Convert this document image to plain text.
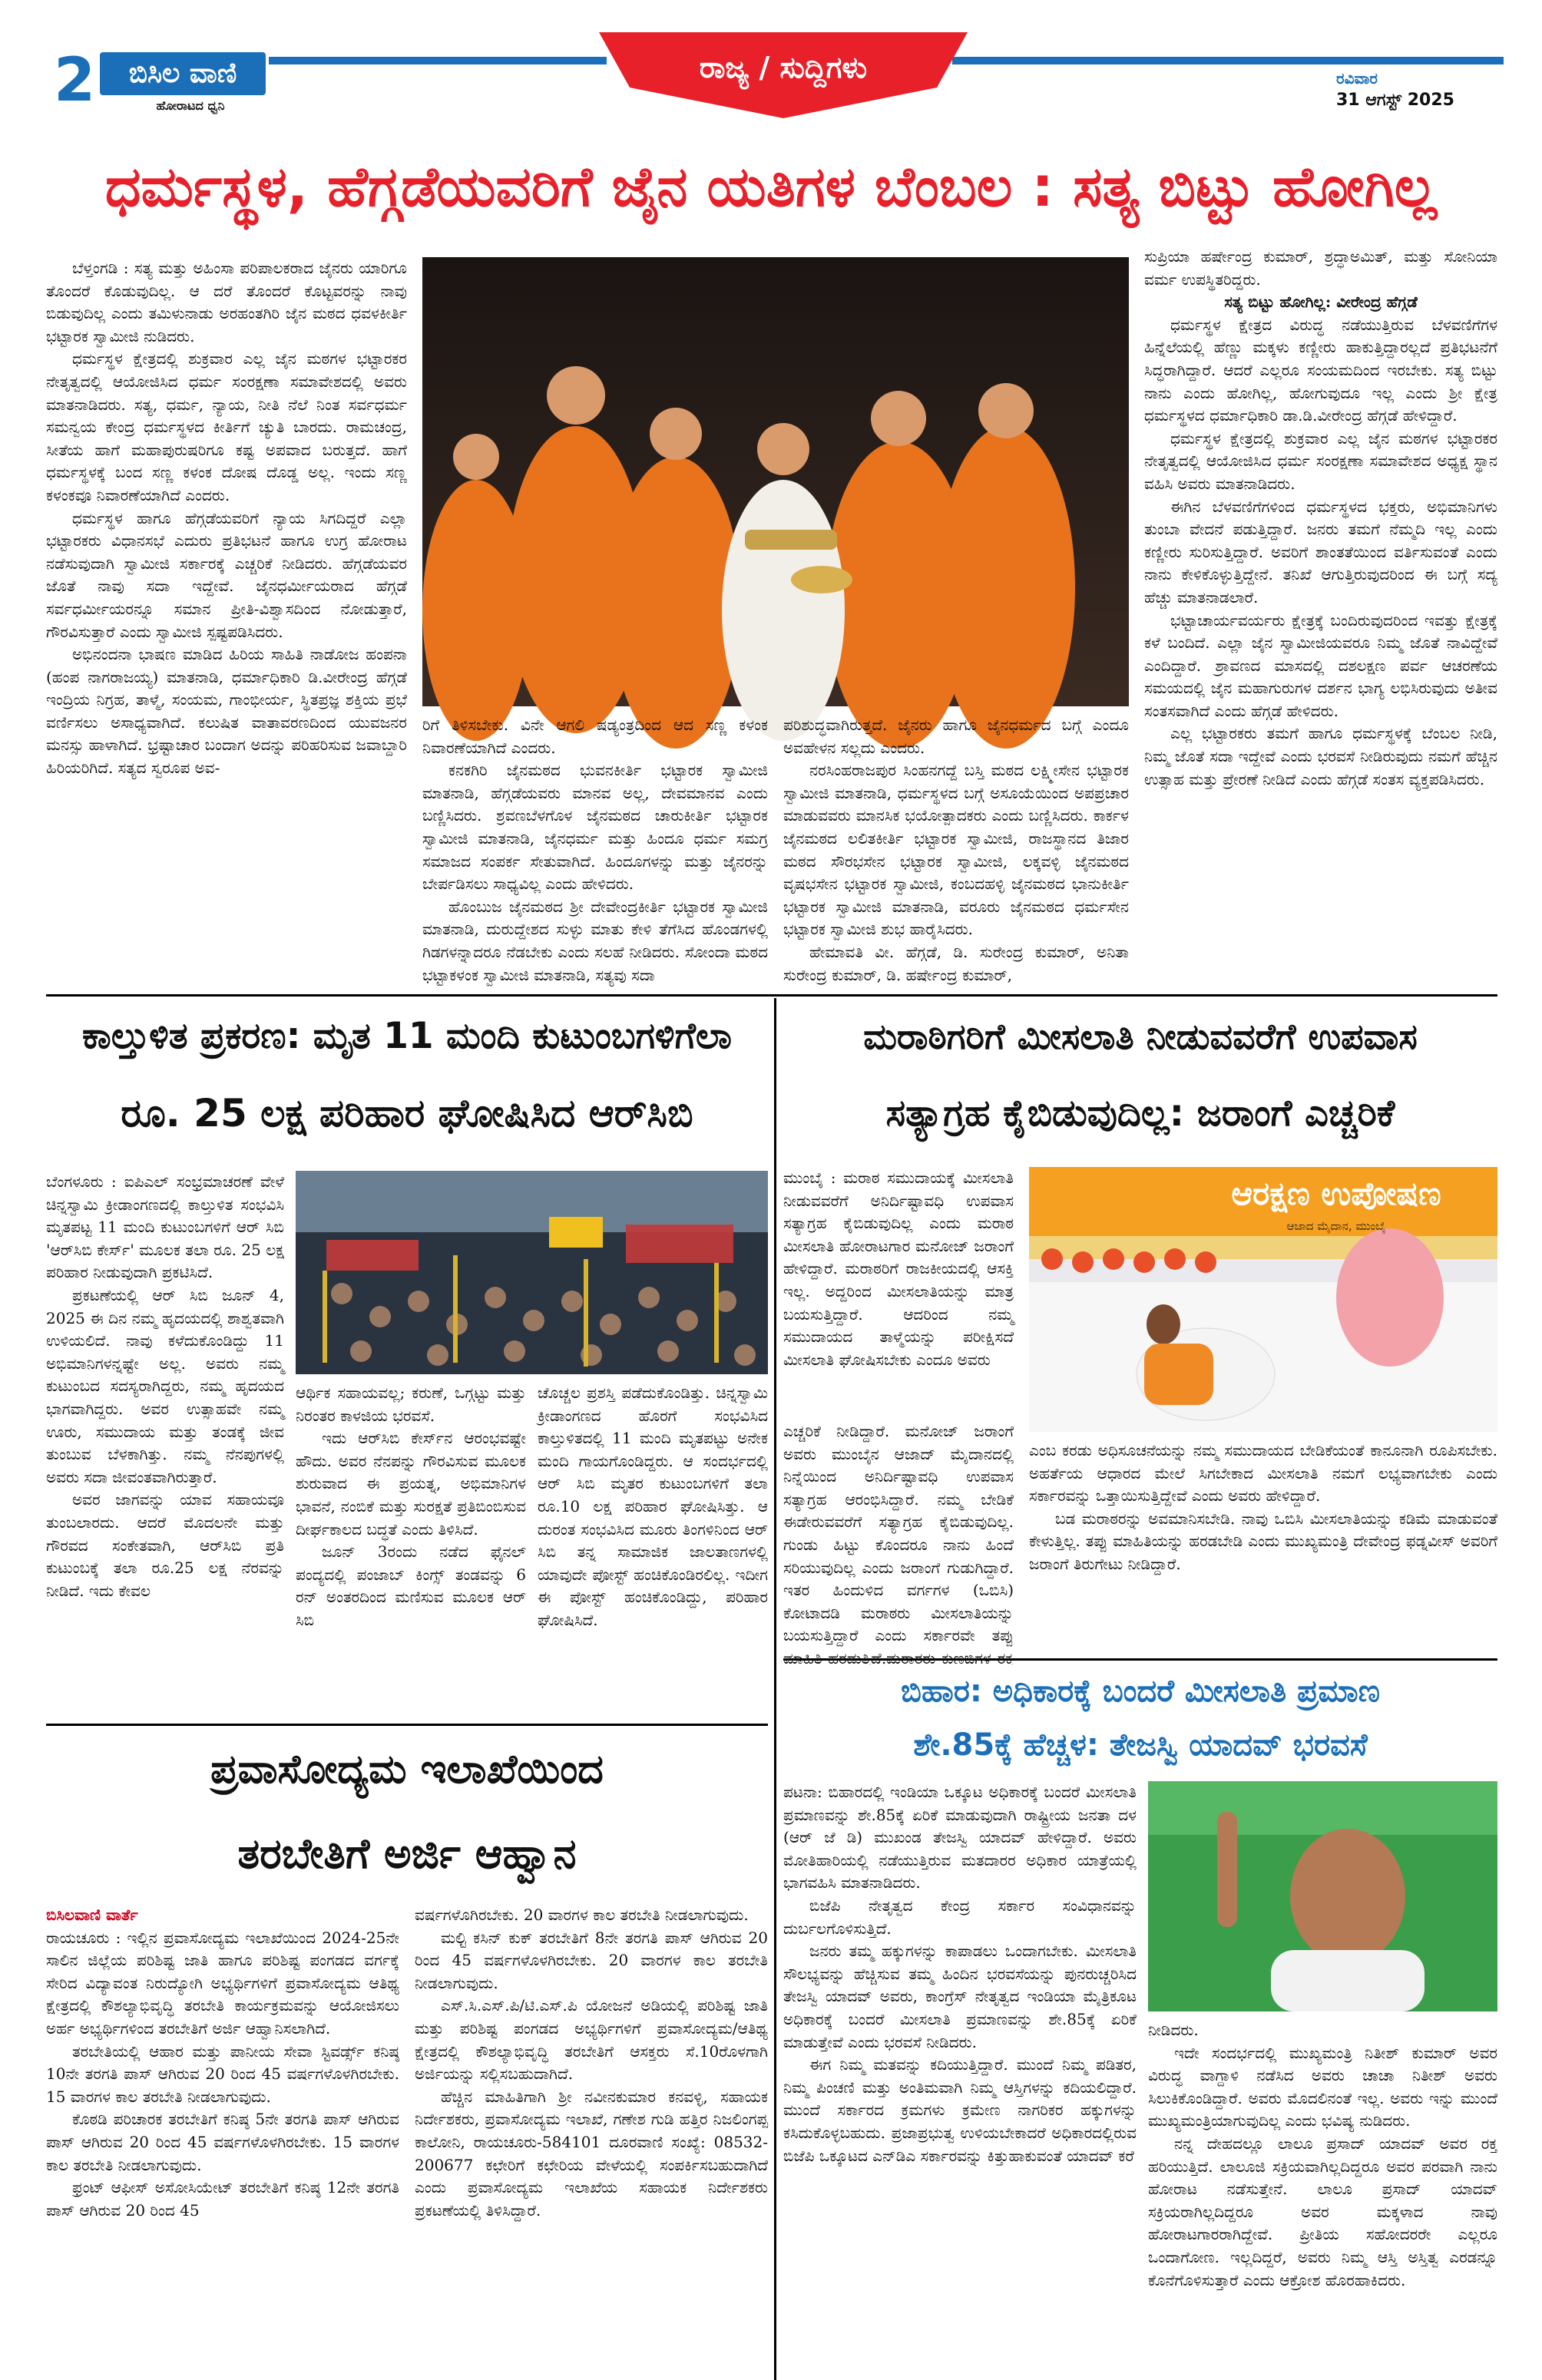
2	ಬಿಸಿಲ ವಾಣಿ
ಹೋರಾಟದ ಧ್ವನಿ
ರಾಜ್ಯ / ಸುದ್ದಿಗಳು	ರವಿವಾರ
31 ಆಗಸ್ಟ್ 2025
ಧರ್ಮಸ್ಥಳ, ಹೆಗ್ಗಡೆಯವರಿಗೆ ಜೈನ ಯತಿಗಳ ಬೆಂಬಲ : ಸತ್ಯ ಬಿಟ್ಟು ಹೋಗಿಲ್ಲ

ಬೆಳ್ತಂಗಡಿ : ಸತ್ಯ ಮತ್ತು ಅಹಿಂಸಾ ಪರಿಪಾಲಕರಾದ ಜೈನರು ಯಾರಿಗೂ ತೊಂದರೆ ಕೊಡುವುದಿಲ್ಲ. ಆ ದರೆ ತೊಂದರೆ ಕೊಟ್ಟವರನ್ನು ನಾವು ಬಿಡುವುದಿಲ್ಲ ಎಂದು ತಮಿಳುನಾಡು ಅರಹಂತಗಿರಿ ಜೈನ ಮಠದ ಧವಳಕೀರ್ತಿ ಭಟ್ಟಾರಕ ಸ್ವಾಮೀಜಿ ನುಡಿದರು.

ಧರ್ಮಸ್ಥಳ ಕ್ಷೇತ್ರದಲ್ಲಿ ಶುಕ್ರವಾರ ಎಲ್ಲ ಜೈನ ಮಠಗಳ ಭಟ್ಟಾರಕರ ನೇತೃತ್ವದಲ್ಲಿ ಆಯೋಜಿಸಿದ ಧರ್ಮ ಸಂರಕ್ಷಣಾ ಸಮಾವೇಶದಲ್ಲಿ ಅವರು ಮಾತನಾಡಿದರು. ಸತ್ಯ, ಧರ್ಮ, ನ್ಯಾಯ, ನೀತಿ ನೆಲೆ ನಿಂತ ಸರ್ವಧರ್ಮ ಸಮನ್ವಯ ಕೇಂದ್ರ ಧರ್ಮಸ್ಥಳದ ಕೀರ್ತಿಗೆ ಚ್ಯುತಿ ಬಾರದು. ರಾಮಚಂದ್ರ, ಸೀತೆಯ ಹಾಗೆ ಮಹಾಪುರುಷರಿಗೂ ಕಷ್ಟ ಅಪವಾದ ಬರುತ್ತದೆ. ಹಾಗೆ ಧರ್ಮಸ್ಥಳಕ್ಕೆ ಬಂದ ಸಣ್ಣ ಕಳಂಕ ದೋಷ ದೊಡ್ಡ ಅಲ್ಲ. ಇಂದು ಸಣ್ಣ ಕಳಂಕವೂ ನಿವಾರಣೆಯಾಗಿದೆ ಎಂದರು.

ಧರ್ಮಸ್ಥಳ ಹಾಗೂ ಹೆಗ್ಗಡೆಯವರಿಗೆ ನ್ಯಾಯ ಸಿಗದಿದ್ದರೆ ಎಲ್ಲಾ ಭಟ್ಟಾರಕರು ವಿಧಾನಸಭೆ ಎದುರು ಪ್ರತಿಭಟನೆ ಹಾಗೂ ಉಗ್ರ ಹೋರಾಟ ನಡೆಸುವುದಾಗಿ ಸ್ವಾಮೀಜಿ ಸರ್ಕಾರಕ್ಕೆ ಎಚ್ಚರಿಕೆ ನೀಡಿದರು. ಹೆಗ್ಗಡೆಯವರ ಜೊತೆ ನಾವು ಸದಾ ಇದ್ದೇವೆ. ಜೈನಧರ್ಮೀಯರಾದ ಹೆಗ್ಗಡೆ ಸರ್ವಧರ್ಮೀಯರನ್ನೂ ಸಮಾನ ಪ್ರೀತಿ-ವಿಶ್ವಾಸದಿಂದ ನೋಡುತ್ತಾರೆ, ಗೌರವಿಸುತ್ತಾರೆ ಎಂದು ಸ್ವಾಮೀಜಿ ಸ್ಪಷ್ಟಪಡಿಸಿದರು.

ಅಭಿನಂದನಾ ಭಾಷಣ ಮಾಡಿದ ಹಿರಿಯ ಸಾಹಿತಿ ನಾಡೋಜ ಹಂಪನಾ (ಹಂಪ ನಾಗರಾಜಯ್ಯ) ಮಾತನಾಡಿ, ಧರ್ಮಾಧಿಕಾರಿ ಡಿ.ವೀರೇಂದ್ರ ಹೆಗ್ಗಡೆ ಇಂದ್ರಿಯ ನಿಗ್ರಹ, ತಾಳ್ಮೆ, ಸಂಯಮ, ಗಾಂಭೀರ್ಯ, ಸ್ಥಿತಪ್ರಜ್ಞ ಶಕ್ತಿಯ ಪ್ರಭೆ ವರ್ಣಿಸಲು ಅಸಾಧ್ಯವಾಗಿದೆ. ಕಲುಷಿತ ವಾತಾವರಣದಿಂದ ಯುವಜನರ ಮನಸ್ಸು ಹಾಳಾಗಿದೆ. ಭ್ರಷ್ಟಾಚಾರ ಬಂದಾಗ ಅದನ್ನು ಪರಿಹರಿಸುವ ಜವಾಬ್ದಾರಿ ಹಿರಿಯರಿಗಿದೆ. ಸತ್ಯದ ಸ್ವರೂಪ ಅವ-

ರಿಗೆ ತಿಳಿಸಬೇಕು. ವಿನೇ ಆಗಲಿ ಷಡ್ಯಂತ್ರದಿಂದ ಆದ ಸಣ್ಣ ಕಳಂಕ ನಿವಾರಣೆಯಾಗಿದೆ ಎಂದರು.

ಕನಕಗಿರಿ ಜೈನಮಠದ ಭುವನಕೀರ್ತಿ ಭಟ್ಟಾರಕ ಸ್ವಾಮೀಜಿ ಮಾತನಾಡಿ, ಹೆಗ್ಗಡೆಯವರು ಮಾನವ ಅಲ್ಲ, ದೇವಮಾನವ ಎಂದು ಬಣ್ಣಿಸಿದರು. ಶ್ರವಣಬೆಳಗೊಳ ಜೈನಮಠದ ಚಾರುಕೀರ್ತಿ ಭಟ್ಟಾರಕ ಸ್ವಾಮೀಜಿ ಮಾತನಾಡಿ, ಜೈನಧರ್ಮ ಮತ್ತು ಹಿಂದೂ ಧರ್ಮ ಸಮಗ್ರ ಸಮಾಜದ ಸಂಪರ್ಕ ಸೇತುವಾಗಿದೆ. ಹಿಂದೂಗಳನ್ನು ಮತ್ತು ಜೈನರನ್ನು ಬೇರ್ಪಡಿಸಲು ಸಾಧ್ಯವಿಲ್ಲ ಎಂದು ಹೇಳಿದರು.

ಹೊಂಬುಜ ಜೈನಮಠದ ಶ್ರೀ ದೇವೇಂದ್ರಕೀರ್ತಿ ಭಟ್ಟಾರಕ ಸ್ವಾಮೀಜಿ ಮಾತನಾಡಿ, ದುರುದ್ದೇಶದ ಸುಳ್ಳು ಮಾತು ಕೇಳಿ ತೆಗೆಸಿದ ಹೊಂಡಗಳಲ್ಲಿ ಗಿಡಗಳನ್ನಾದರೂ ನೆಡಬೇಕು ಎಂದು ಸಲಹೆ ನೀಡಿದರು. ಸೋಂದಾ ಮಠದ ಭಟ್ಟಾಕಳಂಕ ಸ್ವಾಮೀಜಿ ಮಾತನಾಡಿ, ಸತ್ಯವು ಸದಾ

ಪರಿಶುದ್ಧವಾಗಿರುತ್ತದೆ. ಜೈನರು ಹಾಗೂ ಜೈನಧರ್ಮದ ಬಗ್ಗೆ ಎಂದೂ ಅವಹೇಳನ ಸಲ್ಲದು ಎಂದರು.

ನರಸಿಂಹರಾಜಪುರ ಸಿಂಹನಗದ್ದೆ ಬಸ್ತಿ ಮಠದ ಲಕ್ಷ್ಮೀಸೇನ ಭಟ್ಟಾರಕ ಸ್ವಾಮೀಜಿ ಮಾತನಾಡಿ, ಧರ್ಮಸ್ಥಳದ ಬಗ್ಗೆ ಅಸೂಯೆಯಿಂದ ಅಪಪ್ರಚಾರ ಮಾಡುವವರು ಮಾನಸಿಕ ಭಯೋತ್ಪಾದಕರು ಎಂದು ಬಣ್ಣಿಸಿದರು. ಕಾರ್ಕಳ ಜೈನಮಠದ ಲಲಿತಕೀರ್ತಿ ಭಟ್ಟಾರಕ ಸ್ವಾಮೀಜಿ, ರಾಜಸ್ಥಾನದ ತಿಜಾರ ಮಠದ ಸೌರಭಸೇನ ಭಟ್ಟಾರಕ ಸ್ವಾಮೀಜಿ, ಲಕ್ಕವಳ್ಳಿ ಜೈನಮಠದ ವೃಷಭಸೇನ ಭಟ್ಟಾರಕ ಸ್ವಾಮೀಜಿ, ಕಂಬದಹಳ್ಳಿ ಜೈನಮಠದ ಭಾನುಕೀರ್ತಿ ಭಟ್ಟಾರಕ ಸ್ವಾಮೀಜಿ ಮಾತನಾಡಿ, ವರೂರು ಜೈನಮಠದ ಧರ್ಮಸೇನ ಭಟ್ಟಾರಕ ಸ್ವಾಮೀಜಿ ಶುಭ ಹಾರೈಸಿದರು.

ಹೇಮಾವತಿ ವೀ. ಹೆಗ್ಗಡೆ, ಡಿ. ಸುರೇಂದ್ರ ಕುಮಾರ್, ಅನಿತಾ ಸುರೇಂದ್ರ ಕುಮಾರ್, ಡಿ. ಹರ್ಷೇಂದ್ರ ಕುಮಾರ್,

ಸುಪ್ರಿಯಾ ಹರ್ಷೇಂದ್ರ ಕುಮಾರ್, ಶ್ರದ್ಧಾಅಮಿತ್, ಮತ್ತು ಸೋನಿಯಾ ವರ್ಮ ಉಪಸ್ಥಿತರಿದ್ದರು.

ಸತ್ಯ ಬಿಟ್ಟು ಹೋಗಿಲ್ಲ: ವೀರೇಂದ್ರ ಹೆಗ್ಗಡೆ

ಧರ್ಮಸ್ಥಳ ಕ್ಷೇತ್ರದ ವಿರುದ್ಧ ನಡೆಯುತ್ತಿರುವ ಬೆಳವಣಿಗೆಗಳ ಹಿನ್ನೆಲೆಯಲ್ಲಿ ಹೆಣ್ಣು ಮಕ್ಕಳು ಕಣ್ಣೀರು ಹಾಕುತ್ತಿದ್ದಾರಲ್ಲದೆ ಪ್ರತಿಭಟನೆಗೆ ಸಿದ್ಧರಾಗಿದ್ದಾರೆ. ಆದರೆ ಎಲ್ಲರೂ ಸಂಯಮದಿಂದ ಇರಬೇಕು. ಸತ್ಯ ಬಿಟ್ಟು ನಾನು ಎಂದು ಹೋಗಿಲ್ಲ, ಹೋಗುವುದೂ ಇಲ್ಲ ಎಂದು ಶ್ರೀ ಕ್ಷೇತ್ರ ಧರ್ಮಸ್ಥಳದ ಧರ್ಮಾಧಿಕಾರಿ ಡಾ.ಡಿ.ವೀರೇಂದ್ರ ಹೆಗ್ಗಡೆ ಹೇಳಿದ್ದಾರೆ.

ಧರ್ಮಸ್ಥಳ ಕ್ಷೇತ್ರದಲ್ಲಿ ಶುಕ್ರವಾರ ಎಲ್ಲ ಜೈನ ಮಠಗಳ ಭಟ್ಟಾರಕರ ನೇತೃತ್ವದಲ್ಲಿ ಆಯೋಜಿಸಿದ ಧರ್ಮ ಸಂರಕ್ಷಣಾ ಸಮಾವೇಶದ ಅಧ್ಯಕ್ಷ ಸ್ಥಾನ ವಹಿಸಿ ಅವರು ಮಾತನಾಡಿದರು.

ಈಗಿನ ಬೆಳವಣಿಗೆಗಳಿಂದ ಧರ್ಮಸ್ಥಳದ ಭಕ್ತರು, ಅಭಿಮಾನಿಗಳು ತುಂಬಾ ವೇದನೆ ಪಡುತ್ತಿದ್ದಾರೆ. ಜನರು ತಮಗೆ ನೆಮ್ಮದಿ ಇಲ್ಲ ಎಂದು ಕಣ್ಣೀರು ಸುರಿಸುತ್ತಿದ್ದಾರೆ. ಅವರಿಗೆ ಶಾಂತತೆಯಿಂದ ವರ್ತಿಸುವಂತೆ ಎಂದು ನಾನು ಕೇಳಿಕೊಳ್ಳುತ್ತಿದ್ದೇನೆ. ತನಿಖೆ ಆಗುತ್ತಿರುವುದರಿಂದ ಈ ಬಗ್ಗೆ ಸದ್ಯ ಹೆಚ್ಚು ಮಾತನಾಡಲಾರೆ.

ಭಟ್ಟಾಚಾರ್ಯವರ್ಯರು ಕ್ಷೇತ್ರಕ್ಕೆ ಬಂದಿರುವುದರಿಂದ ಇವತ್ತು ಕ್ಷೇತ್ರಕ್ಕೆ ಕಳೆ ಬಂದಿದೆ. ಎಲ್ಲಾ ಜೈನ ಸ್ವಾಮೀಜಿಯವರೂ ನಿಮ್ಮ ಜೊತೆ ನಾವಿದ್ದೇವೆ ಎಂದಿದ್ದಾರೆ. ಶ್ರಾವಣದ ಮಾಸದಲ್ಲಿ ದಶಲಕ್ಷಣ ಪರ್ವ ಆಚರಣೆಯ ಸಮಯದಲ್ಲಿ ಜೈನ ಮಹಾಗುರುಗಳ ದರ್ಶನ ಭಾಗ್ಯ ಲಭಿಸಿರುವುದು ಅತೀವ ಸಂತಸವಾಗಿದೆ ಎಂದು ಹೆಗ್ಗಡೆ ಹೇಳಿದರು.

ಎಲ್ಲ ಭಟ್ಟಾರಕರು ತಮಗೆ ಹಾಗೂ ಧರ್ಮಸ್ಥಳಕ್ಕೆ ಬೆಂಬಲ ನೀಡಿ, ನಿಮ್ಮ ಜೊತೆ ಸದಾ ಇದ್ದೇವೆ ಎಂದು ಭರವಸೆ ನೀಡಿರುವುದು ನಮಗೆ ಹೆಚ್ಚಿನ ಉತ್ಸಾಹ ಮತ್ತು ಪ್ರೇರಣೆ ನೀಡಿದೆ ಎಂದು ಹೆಗ್ಗಡೆ ಸಂತಸ ವ್ಯಕ್ತಪಡಿಸಿದರು.

ಕಾಲ್ತುಳಿತ ಪ್ರಕರಣ: ಮೃತ 11 ಮಂದಿ ಕುಟುಂಬಗಳಿಗೆಲಾ
ರೂ. 25 ಲಕ್ಷ ಪರಿಹಾರ ಘೋಷಿಸಿದ ಆರ್‌ಸಿಬಿ

ಬೆಂಗಳೂರು : ಐಪಿಎಲ್ ಸಂಭ್ರಮಾಚರಣೆ ವೇಳೆ ಚಿನ್ನಸ್ವಾಮಿ ಕ್ರೀಡಾಂಗಣದಲ್ಲಿ ಕಾಲ್ತುಳಿತ ಸಂಭವಿಸಿ ಮೃತಪಟ್ಟ 11 ಮಂದಿ ಕುಟುಂಬಗಳಿಗೆ ಆರ್ ಸಿಬಿ 'ಆರ್‌ಸಿಬಿ ಕೇರ್ಸ್' ಮೂಲಕ ತಲಾ ರೂ. 25 ಲಕ್ಷ ಪರಿಹಾರ ನೀಡುವುದಾಗಿ ಪ್ರಕಟಿಸಿದೆ.

ಪ್ರಕಟಣೆಯಲ್ಲಿ ಆರ್ ಸಿಬಿ ಜೂನ್ 4, 2025 ಈ ದಿನ ನಮ್ಮ ಹೃದಯದಲ್ಲಿ ಶಾಶ್ವತವಾಗಿ ಉಳಿಯಲಿದೆ. ನಾವು ಕಳೆದುಕೊಂಡಿದ್ದು 11 ಅಭಿಮಾನಿಗಳನ್ನಷ್ಟೇ ಅಲ್ಲ. ಅವರು ನಮ್ಮ ಕುಟುಂಬದ ಸದಸ್ಯರಾಗಿದ್ದರು, ನಮ್ಮ ಹೃದಯದ ಭಾಗವಾಗಿದ್ದರು. ಅವರ ಉತ್ಸಾಹವೇ ನಮ್ಮ ಊರು, ಸಮುದಾಯ ಮತ್ತು ತಂಡಕ್ಕೆ ಜೀವ ತುಂಬುವ ಬೆಳಕಾಗಿತ್ತು. ನಮ್ಮ ನೆನಪುಗಳಲ್ಲಿ ಅವರು ಸದಾ ಜೀವಂತವಾಗಿರುತ್ತಾರೆ.

ಅವರ ಜಾಗವನ್ನು ಯಾವ ಸಹಾಯವೂ ತುಂಬಲಾರದು. ಆದರೆ ಮೊದಲನೇ ಮತ್ತು ಗೌರವದ ಸಂಕೇತವಾಗಿ, ಆರ್‌ಸಿಬಿ ಪ್ರತಿ ಕುಟುಂಬಕ್ಕೆ ತಲಾ ರೂ.25 ಲಕ್ಷ ನೆರವನ್ನು ನೀಡಿದೆ. ಇದು ಕೇವಲ

ಆರ್ಥಿಕ ಸಹಾಯವಲ್ಲ; ಕರುಣೆ, ಒಗ್ಗಟ್ಟು ಮತ್ತು ನಿರಂತರ ಕಾಳಜಿಯ ಭರವಸೆ.

ಇದು ಆರ್‌ಸಿಬಿ ಕೇರ್ಸ್‌ನ ಆರಂಭವಷ್ಟೇ ಹೌದು. ಅವರ ನೆನಪನ್ನು ಗೌರವಿಸುವ ಮೂಲಕ ಶುರುವಾದ ಈ ಪ್ರಯತ್ನ, ಅಭಿಮಾನಿಗಳ ಭಾವನೆ, ನಂಬಿಕೆ ಮತ್ತು ಸುರಕ್ಷತೆ ಪ್ರತಿಬಿಂಬಿಸುವ ದೀರ್ಘಕಾಲದ ಬದ್ಧತೆ ಎಂದು ತಿಳಿಸಿದೆ.

ಜೂನ್ 3ರಂದು ನಡೆದ ಫೈನಲ್ ಪಂದ್ಯದಲ್ಲಿ ಪಂಜಾಬ್ ಕಿಂಗ್ಸ್ ತಂಡವನ್ನು 6 ರನ್ ಅಂತರದಿಂದ ಮಣಿಸುವ ಮೂಲಕ ಆರ್ ಸಿಬಿ

ಚೊಚ್ಚಲ ಪ್ರಶಸ್ತಿ ಪಡೆದುಕೊಂಡಿತ್ತು. ಚಿನ್ನಸ್ವಾಮಿ ಕ್ರೀಡಾಂಗಣದ ಹೊರಗೆ ಸಂಭವಿಸಿದ ಕಾಲ್ತುಳಿತದಲ್ಲಿ 11 ಮಂದಿ ಮೃತಪಟ್ಟು ಅನೇಕ ಮಂದಿ ಗಾಯಗೊಂಡಿದ್ದರು. ಆ ಸಂದರ್ಭದಲ್ಲಿ ಆರ್ ಸಿಬಿ ಮೃತರ ಕುಟುಂಬಗಳಿಗೆ ತಲಾ ರೂ.10 ಲಕ್ಷ ಪರಿಹಾರ ಘೋಷಿಸಿತ್ತು. ಆ ದುರಂತ ಸಂಭವಿಸಿದ ಮೂರು ತಿಂಗಳಿನಿಂದ ಆರ್ ಸಿಬಿ ತನ್ನ ಸಾಮಾಜಿಕ ಜಾಲತಾಣಗಳಲ್ಲಿ ಯಾವುದೇ ಪೋಸ್ಟ್ ಹಂಚಿಕೊಂಡಿರಲಿಲ್ಲ. ಇದೀಗ ಈ ಪೋಸ್ಟ್ ಹಂಚಿಕೊಂಡಿದ್ದು, ಪರಿಹಾರ ಘೋಷಿಸಿದೆ.

ಮರಾಠಿಗರಿಗೆ ಮೀಸಲಾತಿ ನೀಡುವವರೆಗೆ ಉಪವಾಸ
ಸತ್ಯಾಗ್ರಹ ಕೈಬಿಡುವುದಿಲ್ಲ: ಜರಾಂಗೆ ಎಚ್ಚರಿಕೆ

ಮುಂಬೈ : ಮರಾಠ ಸಮುದಾಯಕ್ಕೆ ಮೀಸಲಾತಿ ನೀಡುವವರೆಗೆ ಅನಿರ್ದಿಷ್ಟಾವಧಿ ಉಪವಾಸ ಸತ್ಯಾಗ್ರಹ ಕೈಬಿಡುವುದಿಲ್ಲ ಎಂದು ಮರಾಠ ಮೀಸಲಾತಿ ಹೋರಾಟಗಾರ ಮನೋಜ್ ಜರಾಂಗೆ ಹೇಳಿದ್ದಾರೆ. ಮರಾಠರಿಗೆ ರಾಜಕೀಯದಲ್ಲಿ ಆಸಕ್ತಿ ಇಲ್ಲ. ಅದ್ದರಿಂದ ಮೀಸಲಾತಿಯನ್ನು ಮಾತ್ರ ಬಯಸುತ್ತಿದ್ದಾರೆ. ಆದರಿಂದ ನಮ್ಮ ಸಮುದಾಯದ ತಾಳ್ಮೆಯನ್ನು ಪರೀಕ್ಷಿಸದೆ ಮೀಸಲಾತಿ ಘೋಷಿಸಬೇಕು ಎಂದೂ ಅವರು

ಆರಕ್ಷಣ ಉಪೋಷಣ
ಆಜಾದ ಮೈದಾನ, ಮುಂಬೈ

ಎಚ್ಚರಿಕೆ ನೀಡಿದ್ದಾರೆ. ಮನೋಜ್ ಜರಾಂಗೆ ಅವರು ಮುಂಬೈನ ಆಜಾದ್ ಮೈದಾನದಲ್ಲಿ ನಿನ್ನೆಯಿಂದ ಅನಿರ್ದಿಷ್ಟಾವಧಿ ಉಪವಾಸ ಸತ್ಯಾಗ್ರಹ ಆರಂಭಿಸಿದ್ದಾರೆ. ನಮ್ಮ ಬೇಡಿಕೆ ಈಡೇರುವವರೆಗೆ ಸತ್ಯಾಗ್ರಹ ಕೈಬಿಡುವುದಿಲ್ಲ. ಗುಂಡು ಹಿಟ್ಟು ಕೊಂದರೂ ನಾನು ಹಿಂದೆ ಸರಿಯುವುದಿಲ್ಲ ಎಂದು ಜರಾಂಗೆ ಗುಡುಗಿದ್ದಾರೆ. ಇತರ ಹಿಂದುಳಿದ ವರ್ಗಗಳ (ಒಬಿಸಿ) ಕೋಟಾದಡಿ ಮರಾಠರು ಮೀಸಲಾತಿಯನ್ನು ಬಯಸುತ್ತಿದ್ದಾರೆ ಎಂದು ಸರ್ಕಾರವೇ ತಪ್ಪು

ಎಂಬ ಕರಡು ಅಧಿಸೂಚನೆಯನ್ನು ನಮ್ಮ ಸಮುದಾಯದ ಬೇಡಿಕೆಯಂತೆ ಕಾನೂನಾಗಿ ರೂಪಿಸಬೇಕು. ಅಹರ್ತೆಯ ಆಧಾರದ ಮೇಲೆ ಸಿಗಬೇಕಾದ ಮೀಸಲಾತಿ ನಮಗೆ ಲಭ್ಯವಾಗಬೇಕು ಎಂದು ಸರ್ಕಾರವನ್ನು ಒತ್ತಾಯಿಸುತ್ತಿದ್ದೇವೆ ಎಂದು ಅವರು ಹೇಳಿದ್ದಾರೆ.

ಬಡ ಮರಾಠರನ್ನು ಅವಮಾನಿಸಬೇಡಿ. ನಾವು ಒಬಿಸಿ ಮೀಸಲಾತಿಯನ್ನು ಕಡಿಮೆ ಮಾಡುವಂತೆ ಕೇಳುತ್ತಿಲ್ಲ. ತಪ್ಪು ಮಾಹಿತಿಯನ್ನು ಹರಡಬೇಡಿ ಎಂದು ಮುಖ್ಯಮಂತ್ರಿ ದೇವೇಂದ್ರ ಫಡ್ನವೀಸ್ ಅವರಿಗೆ ಜರಾಂಗೆ ತಿರುಗೇಟು ನೀಡಿದ್ದಾರೆ.

ಬಿಹಾರ: ಅಧಿಕಾರಕ್ಕೆ ಬಂದರೆ ಮೀಸಲಾತಿ ಪ್ರಮಾಣ
ಶೇ.85ಕ್ಕೆ ಹೆಚ್ಚಳ: ತೇಜಸ್ವಿ ಯಾದವ್ ಭರವಸೆ

ಪಟನಾ: ಬಿಹಾರದಲ್ಲಿ ಇಂಡಿಯಾ ಒಕ್ಕೂಟ ಅಧಿಕಾರಕ್ಕೆ ಬಂದರೆ ಮೀಸಲಾತಿ ಪ್ರಮಾಣವನ್ನು ಶೇ.85ಕ್ಕೆ ಏರಿಕೆ ಮಾಡುವುದಾಗಿ ರಾಷ್ಟ್ರೀಯ ಜನತಾ ದಳ (ಆರ್ ಜೆ ಡಿ) ಮುಖಂಡ ತೇಜಸ್ವಿ ಯಾದವ್ ಹೇಳಿದ್ದಾರೆ. ಅವರು ಮೋತಿಹಾರಿಯಲ್ಲಿ ನಡೆಯುತ್ತಿರುವ ಮತದಾರರ ಅಧಿಕಾರ ಯಾತ್ರೆಯಲ್ಲಿ ಭಾಗವಹಿಸಿ ಮಾತನಾಡಿದರು.

ಬಿಜೆಪಿ ನೇತೃತ್ವದ ಕೇಂದ್ರ ಸರ್ಕಾರ ಸಂವಿಧಾನವನ್ನು ದುರ್ಬಲಗೊಳಿಸುತ್ತಿದೆ.

ಜನರು ತಮ್ಮ ಹಕ್ಕುಗಳನ್ನು ಕಾಪಾಡಲು ಒಂದಾಗಬೇಕು. ಮೀಸಲಾತಿ ಸೌಲಭ್ಯವನ್ನು ಹೆಚ್ಚಿಸುವ ತಮ್ಮ ಹಿಂದಿನ ಭರವಸೆಯನ್ನು ಪುನರುಚ್ಚರಿಸಿದ ತೇಜಸ್ವಿ ಯಾದವ್ ಅವರು, ಕಾಂಗ್ರೆಸ್ ನೇತೃತ್ವದ ಇಂಡಿಯಾ ಮೈತ್ರಿಕೂಟ ಅಧಿಕಾರಕ್ಕೆ ಬಂದರೆ ಮೀಸಲಾತಿ ಪ್ರಮಾಣವನ್ನು ಶೇ.85ಕ್ಕೆ ಏರಿಕೆ ಮಾಡುತ್ತೇವೆ ಎಂದು ಭರವಸೆ ನೀಡಿದರು.

ಈಗ ನಿಮ್ಮ ಮತವನ್ನು ಕದಿಯುತ್ತಿದ್ದಾರೆ. ಮುಂದೆ ನಿಮ್ಮ ಪಡಿತರ, ನಿಮ್ಮ ಪಿಂಚಣಿ ಮತ್ತು ಅಂತಿಮವಾಗಿ ನಿಮ್ಮ ಆಸ್ತಿಗಳನ್ನು ಕದಿಯಲಿದ್ದಾರೆ. ಮುಂದೆ ಸರ್ಕಾರದ ಕ್ರಮಗಳು ಕ್ರಮೇಣ ನಾಗರಿಕರ ಹಕ್ಕುಗಳನ್ನು ಕಸಿದುಕೊಳ್ಳಬಹುದು. ಪ್ರಜಾಪ್ರಭುತ್ವ ಉಳಿಯಬೇಕಾದರೆ ಅಧಿಕಾರದಲ್ಲಿರುವ ಬಿಜೆಪಿ ಒಕ್ಕೂಟದ ಎನ್‌ಡಿಎ ಸರ್ಕಾರವನ್ನು ಕಿತ್ತುಹಾಕುವಂತೆ ಯಾದವ್ ಕರೆ

ನೀಡಿದರು.

ಇದೇ ಸಂದರ್ಭದಲ್ಲಿ ಮುಖ್ಯಮಂತ್ರಿ ನಿತೀಶ್ ಕುಮಾರ್ ಅವರ ವಿರುದ್ಧ ವಾಗ್ದಾಳಿ ನಡೆಸಿದ ಅವರು ಚಾಚಾ ನಿತೀಶ್ ಅವರು ಸಿಲುಕಿಕೊಂಡಿದ್ದಾರೆ. ಅವರು ಮೊದಲಿನಂತೆ ಇಲ್ಲ. ಅವರು ಇನ್ನು ಮುಂದೆ ಮುಖ್ಯಮಂತ್ರಿಯಾಗುವುದಿಲ್ಲ ಎಂದು ಭವಿಷ್ಯ ನುಡಿದರು.

ನನ್ನ ದೇಹದಲ್ಲೂ ಲಾಲೂ ಪ್ರಸಾದ್ ಯಾದವ್ ಅವರ ರಕ್ತ ಹರಿಯುತ್ತಿದೆ. ಲಾಲೂಜಿ ಸಕ್ರಿಯವಾಗಿಲ್ಲದಿದ್ದರೂ ಅವರ ಪರವಾಗಿ ನಾನು ಹೋರಾಟ ನಡೆಸುತ್ತೇನೆ. ಲಾಲೂ ಪ್ರಸಾದ್ ಯಾದವ್ ಸಕ್ರಿಯರಾಗಿಲ್ಲದಿದ್ದರೂ ಅವರ ಮಕ್ಕಳಾದ ನಾವು ಹೋರಾಟಗಾರರಾಗಿದ್ದೇವೆ. ಪ್ರೀತಿಯ ಸಹೋದರರೇ ಎಲ್ಲರೂ ಒಂದಾಗೋಣ. ಇಲ್ಲದಿದ್ದರೆ, ಅವರು ನಿಮ್ಮ ಆಸ್ತಿ ಅಸ್ತಿತ್ವ ಎರಡನ್ನೂ ಕೊನೆಗೊಳಿಸುತ್ತಾರೆ ಎಂದು ಆಕ್ರೋಶ ಹೊರಹಾಕಿದರು.

ಪ್ರವಾಸೋದ್ಯಮ ಇಲಾಖೆಯಿಂದ
ತರಬೇತಿಗೆ ಅರ್ಜಿ ಆಹ್ವಾನ

ಬಿಸಿಲವಾಣಿ ವಾರ್ತೆ

ರಾಯಚೂರು : ಇಲ್ಲಿನ ಪ್ರವಾಸೋದ್ಯಮ ಇಲಾಖೆಯಿಂದ 2024-25ನೇ ಸಾಲಿನ ಜಿಲ್ಲೆಯ ಪರಿಶಿಷ್ಟ ಜಾತಿ ಹಾಗೂ ಪರಿಶಿಷ್ಟ ಪಂಗಡದ ವರ್ಗಕ್ಕೆ ಸೇರಿದ ವಿದ್ಯಾವಂತ ನಿರುದ್ಯೋಗಿ ಅಭ್ಯರ್ಥಿಗಳಿಗೆ ಪ್ರವಾಸೋದ್ಯಮ ಆತಿಥ್ಯ ಕ್ಷೇತ್ರದಲ್ಲಿ ಕೌಶಲ್ಯಾಭಿವೃದ್ಧಿ ತರಬೇತಿ ಕಾರ್ಯಕ್ರಮವನ್ನು ಆಯೋಜಿಸಲು ಅರ್ಹ ಅಭ್ಯರ್ಥಿಗಳಿಂದ ತರಬೇತಿಗೆ ಅರ್ಜಿ ಆಹ್ವಾನಿಸಲಾಗಿದೆ.

ತರಬೇತಿಯಲ್ಲಿ ಆಹಾರ ಮತ್ತು ಪಾನೀಯ ಸೇವಾ ಸ್ಟಿವರ್ಡ್ಸ್ ಕನಿಷ್ಠ 10ನೇ ತರಗತಿ ಪಾಸ್ ಆಗಿರುವ 20 ರಿಂದ 45 ವರ್ಷಗಳೊಳಗಿರಬೇಕು. 15 ವಾರಗಳ ಕಾಲ ತರಬೇತಿ ನೀಡಲಾಗುವುದು.

ಕೊಠಡಿ ಪರಿಚಾರಕ ತರಬೇತಿಗೆ ಕನಿಷ್ಠ 5ನೇ ತರಗತಿ ಪಾಸ್ ಆಗಿರುವ ಪಾಸ್ ಆಗಿರುವ 20 ರಿಂದ 45 ವರ್ಷಗಳೊಳಗಿರಬೇಕು. 15 ವಾರಗಳ ಕಾಲ ತರಬೇತಿ ನೀಡಲಾಗುವುದು.

ಫ್ರಂಟ್ ಆಫೀಸ್ ಅಸೋಸಿಯೇಟ್ ತರಬೇತಿಗೆ ಕನಿಷ್ಠ 12ನೇ ತರಗತಿ ಪಾಸ್ ಆಗಿರುವ 20 ರಿಂದ 45

ವರ್ಷಗಳೊಗಿರಬೇಕು. 20 ವಾರಗಳ ಕಾಲ ತರಬೇತಿ ನೀಡಲಾಗುವುದು.

ಮಲ್ಟಿ ಕಸಿನ್ ಕುಕ್ ತರಬೇತಿಗೆ 8ನೇ ತರಗತಿ ಪಾಸ್ ಆಗಿರುವ 20 ರಿಂದ 45 ವರ್ಷಗಳೊಳಗಿರಬೇಕು. 20 ವಾರಗಳ ಕಾಲ ತರಬೇತಿ ನೀಡಲಾಗುವುದು.

ಎಸ್.ಸಿ.ಎಸ್.ಪಿ/ಟಿ.ಎಸ್.ಪಿ ಯೋಜನೆ ಅಡಿಯಲ್ಲಿ ಪರಿಶಿಷ್ಟ ಜಾತಿ ಮತ್ತು ಪರಿಶಿಷ್ಟ ಪಂಗಡದ ಅಭ್ಯರ್ಥಿಗಳಿಗೆ ಪ್ರವಾಸೋದ್ಯಮ/ಆತಿಥ್ಯ ಕ್ಷೇತ್ರದಲ್ಲಿ ಕೌಶಲ್ಯಾಭಿವೃದ್ಧಿ ತರಬೇತಿಗೆ ಆಸಕ್ತರು ಸೆ.10ರೊಳಗಾಗಿ ಅರ್ಜಿಯನ್ನು ಸಲ್ಲಿಸಬಹುದಾಗಿದೆ.

ಹೆಚ್ಚಿನ ಮಾಹಿತಿಗಾಗಿ ಶ್ರೀ ನವೀನಕುಮಾರ ಕನವಳ್ಳಿ, ಸಹಾಯಕ ನಿರ್ದೇಶಕರು, ಪ್ರವಾಸೋದ್ಯಮ ಇಲಾಖೆ, ಗಣೇಶ ಗುಡಿ ಹತ್ತಿರ ನಿಜಲಿಂಗಪ್ಪ ಕಾಲೋನಿ, ರಾಯಚೂರು-584101 ದೂರವಾಣಿ ಸಂಖ್ಯೆ: 08532-200677 ಕಛೇರಿಗೆ ಕಛೇರಿಯ ವೇಳೆಯಲ್ಲಿ ಸಂಪರ್ಕಿಸಬಹುದಾಗಿದೆ ಎಂದು ಪ್ರವಾಸೋದ್ಯಮ ಇಲಾಖೆಯ ಸಹಾಯಕ ನಿರ್ದೇಶಕರು ಪ್ರಕಟಣೆಯಲ್ಲಿ ತಿಳಿಸಿದ್ದಾರೆ.
